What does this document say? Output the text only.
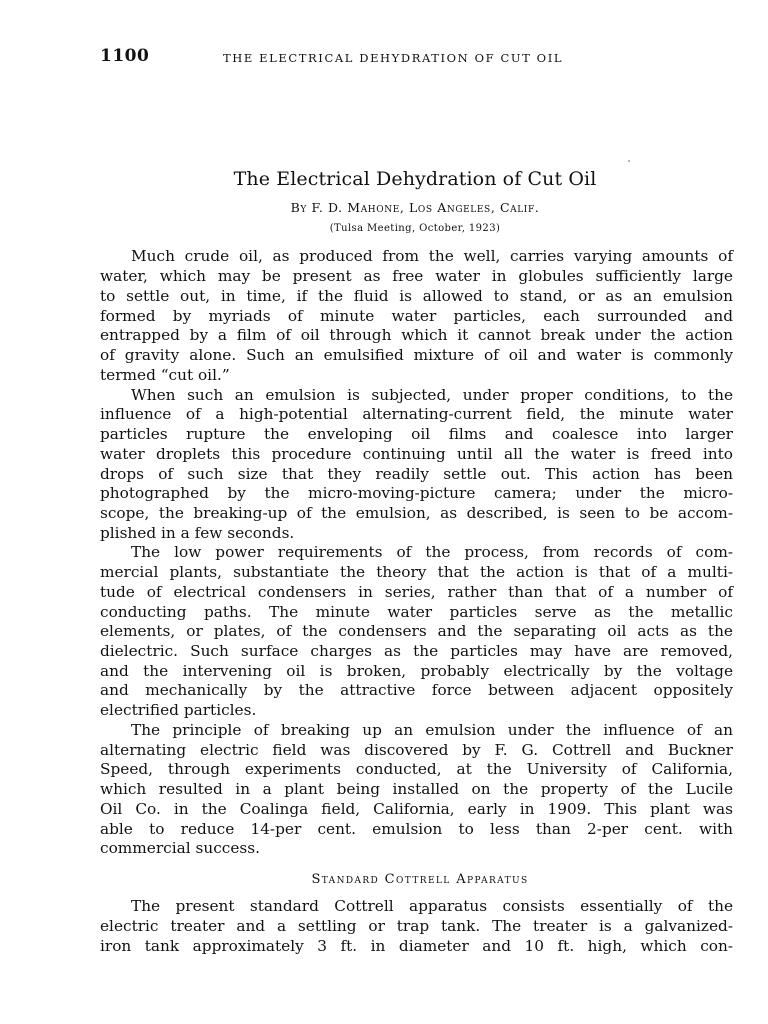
1100	THE ELECTRICAL DEHYDRATION OF CUT OIL
The Electrical Dehydration of Cut Oil
By F. D. Mahone, Los Angeles, Calif.
(Tulsa Meeting, October, 1923)
Much crude oil, as produced from the well, carries varying amounts of
water, which may be present as free water in globules sufficiently large
to settle out, in time, if the fluid is allowed to stand, or as an emulsion
formed by myriads of minute water particles, each surrounded and
entrapped by a film of oil through which it cannot break under the action
of gravity alone. Such an emulsified mixture of oil and water is commonly
termed “cut oil.”
When such an emulsion is subjected, under proper conditions, to the
influence of a high-potential alternating-current field, the minute water
particles rupture the enveloping oil films and coalesce into larger
water droplets this procedure continuing until all the water is freed into
drops of such size that they readily settle out. This action has been
photographed by the micro-moving-picture camera; under the micro-
scope, the breaking-up of the emulsion, as described, is seen to be accom-
plished in a few seconds.
The low power requirements of the process, from records of com-
mercial plants, substantiate the theory that the action is that of a multi-
tude of electrical condensers in series, rather than that of a number of
conducting paths. The minute water particles serve as the metallic
elements, or plates, of the condensers and the separating oil acts as the
dielectric. Such surface charges as the particles may have are removed,
and the intervening oil is broken, probably electrically by the voltage
and mechanically by the attractive force between adjacent oppositely
electrified particles.
The principle of breaking up an emulsion under the influence of an
alternating electric field was discovered by F. G. Cottrell and Buckner
Speed, through experiments conducted, at the University of California,
which resulted in a plant being installed on the property of the Lucile
Oil Co. in the Coalinga field, California, early in 1909. This plant was
able to reduce 14-per cent. emulsion to less than 2-per cent. with
commercial success.
Standard Cottrell Apparatus
The present standard Cottrell apparatus consists essentially of the
electric treater and a settling or trap tank. The treater is a galvanized-
iron tank approximately 3 ft. in diameter and 10 ft. high, which con-
